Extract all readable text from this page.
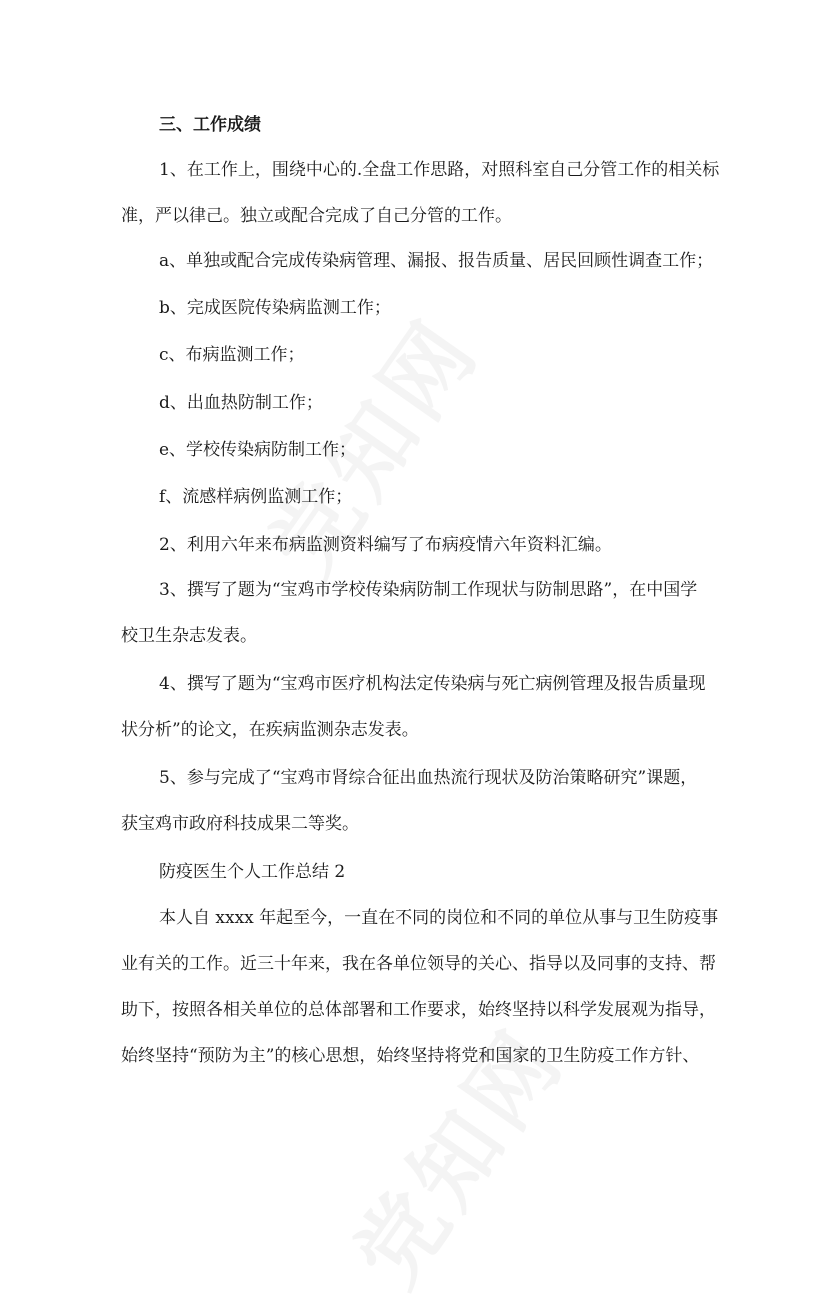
三、工作成绩

1、在工作上，围绕中心的.全盘工作思路，对照科室自己分管工作的相关标
准，严以律己。独立或配合完成了自己分管的工作。

a、单独或配合完成传染病管理、漏报、报告质量、居民回顾性调查工作；

b、完成医院传染病监测工作；

c、布病监测工作；

d、出血热防制工作；

e、学校传染病防制工作；

f、流感样病例监测工作；

2、利用六年来布病监测资料编写了布病疫情六年资料汇编。

3、撰写了题为“宝鸡市学校传染病防制工作现状与防制思路”，在中国学
校卫生杂志发表。
4、撰写了题为“宝鸡市医疗机构法定传染病与死亡病例管理及报告质量现
状分析”的论文，在疾病监测杂志发表。
5、参与完成了“宝鸡市肾综合征出血热流行现状及防治策略研究”课题，
获宝鸡市政府科技成果二等奖。

防疫医生个人工作总结 2

本人自 xxxx 年起至今，一直在不同的岗位和不同的单位从事与卫生防疫事
业有关的工作。近三十年来，我在各单位领导的关心、指导以及同事的支持、帮
助下，按照各相关单位的总体部署和工作要求，始终坚持以科学发展观为指导，
始终坚持“预防为主”的核心思想，始终坚持将党和国家的卫生防疫工作方针、
